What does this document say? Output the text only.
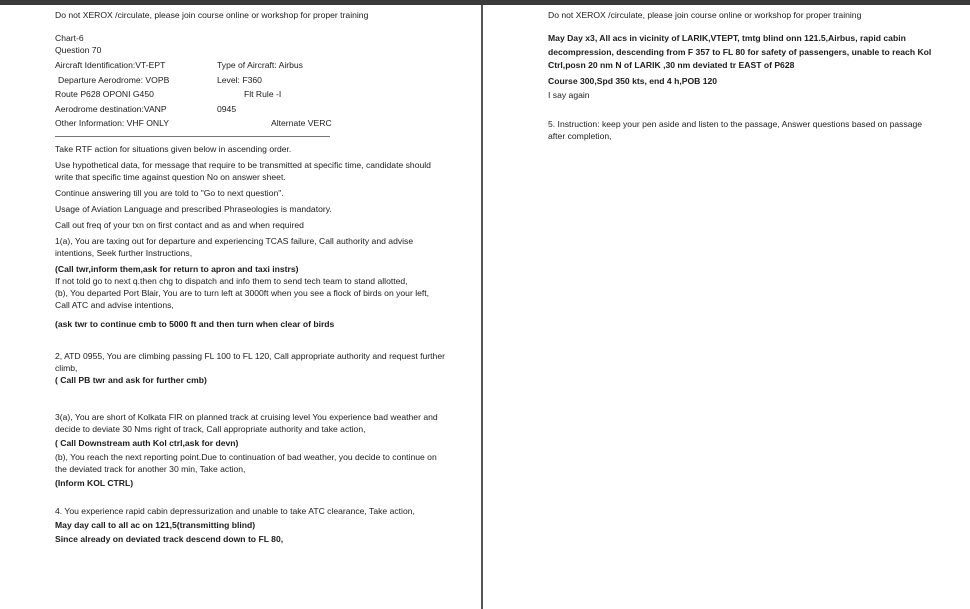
Do not XEROX /circulate, please join course online or workshop for proper training
Chart-6
Question 70
Aircraft Identification:VT-EPT	Type of Aircraft: Airbus
Departure Aerodrome: VOPB	Level: F360
Route P628 OPONI G450	Flt Rule -I
Aerodrome destination:VANP	0945
Other Information: VHF ONLY	Alternate VERC
Take RTF action for situations given below in ascending order.
Use hypothetical data, for message that require to be transmitted at specific time, candidate should write that specific time against question No on answer sheet.
Continue answering till you are told to "Go to next question".
Usage of Aviation Language and prescribed Phraseologies is mandatory.
Call out freq of your txn on first contact and as and when required
1(a), You are taxing out for departure and experiencing TCAS failure, Call authority and advise intentions, Seek further Instructions,
(Call twr,inform them,ask for return to apron and taxi instrs)
If not told go to next q.then chg to dispatch and info them to send tech team to stand allotted,
(b), You departed Port Blair, You are to turn left at 3000ft when you see a flock of birds on your left, Call ATC and advise intentions,
(ask twr to continue cmb to 5000 ft and then turn when clear of birds
2, ATD 0955, You are climbing passing FL 100 to FL 120, Call appropriate authority and request further climb,
( Call PB twr and ask for further cmb)
3(a), You are short of Kolkata FIR on planned track at cruising level You experience bad weather and decide to deviate 30 Nms right of track, Call appropriate authority and take action,
( Call Downstream auth Kol ctrl,ask for devn)
(b), You reach the next reporting point.Due to continuation of bad weather, you decide to continue on the deviated track for another 30 min, Take action,
(Inform KOL CTRL)
4. You experience rapid cabin depressurization and unable to take ATC clearance, Take action,
May day call to all ac on 121,5(transmitting blind)
Since already on deviated track descend down to FL 80,
Do not XEROX /circulate, please join course online or workshop for proper training
May Day x3, All acs in vicinity of LARIK,VTEPT, tmtg blind onn 121.5,Airbus, rapid cabin decompression, descending from F 357 to FL 80 for safety of passengers, unable to reach Kol Ctrl,posn 20 nm N of LARIK ,30 nm deviated tr EAST of P628
Course 300,Spd 350 kts, end 4 h,POB 120
I say again
5. Instruction: keep your pen aside and listen to the passage, Answer questions based on passage after completion,
